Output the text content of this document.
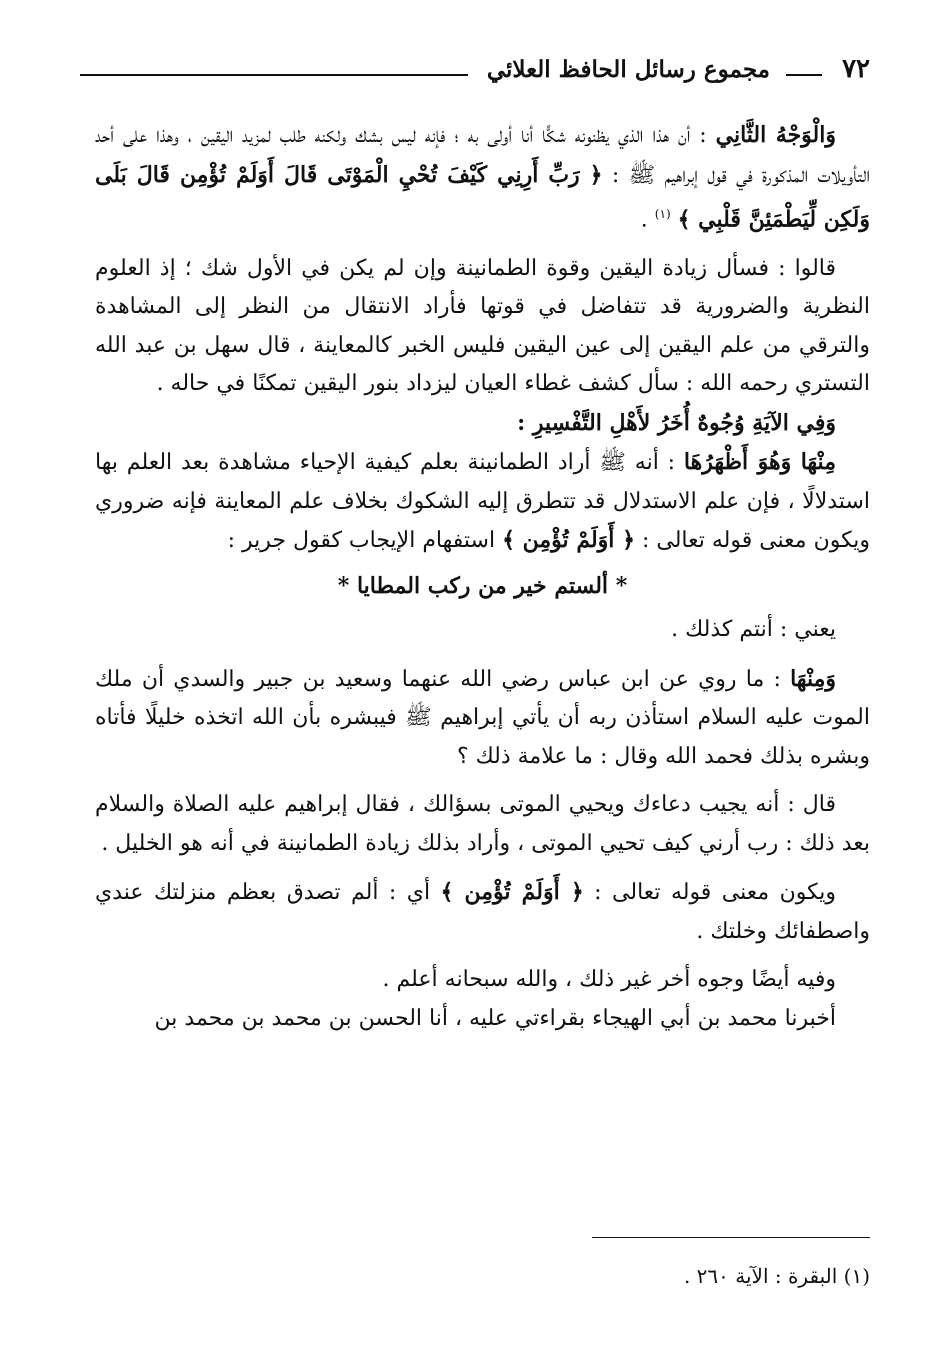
٧٢
مجموع رسائل الحافظ العلائي

وَالْوَجْهُ الثَّانِي : أن هذا الذي يظنونه شكًّا أنا أولى به ؛ فإنه ليس بشك ولكنه طلب لمزيد اليقين ، وهذا على أحد التأويلات المذكورة في قول إبراهيم ﷺ : ﴿ رَبِّ أَرِنِي كَيْفَ تُحْيِ الْمَوْتَى قَالَ أَوَلَمْ تُؤْمِن قَالَ بَلَى وَلَكِن لِّيَطْمَئِنَّ قَلْبِي ﴾ $^{(١)}$ .

قالوا : فسأل زيادة اليقين وقوة الطمانينة وإن لم يكن في الأول شك ؛ إذ العلوم النظرية والضرورية قد تتفاضل في قوتها فأراد الانتقال من النظر إلى المشاهدة والترقي من علم اليقين إلى عين اليقين فليس الخبر كالمعاينة ، قال سهل بن عبد الله التستري رحمه الله : سأل كشف غطاء العيان ليزداد بنور اليقين تمكنًا في حاله .

وَفِي الآيَةِ وُجُوهٌ أُخَرُ لأَهْلِ التَّفْسِيرِ :

مِنْهَا وَهُوَ أَظْهَرُهَا : أنه ﷺ أراد الطمانينة بعلم كيفية الإحياء مشاهدة بعد العلم بها استدلالًا ، فإن علم الاستدلال قد تتطرق إليه الشكوك بخلاف علم المعاينة فإنه ضروري ويكون معنى قوله تعالى : ﴿ أَوَلَمْ تُؤْمِن ﴾ استفهام الإيجاب كقول جرير :

* ألستم خير من ركب المطايا *

يعني : أنتم كذلك .

وَمِنْهَا : ما روي عن ابن عباس رضي الله عنهما وسعيد بن جبير والسدي أن ملك الموت عليه السلام استأذن ربه أن يأتي إبراهيم ﷺ فيبشره بأن الله اتخذه خليلًا فأتاه وبشره بذلك فحمد الله وقال : ما علامة ذلك ؟

قال : أنه يجيب دعاءك ويحيي الموتى بسؤالك ، فقال إبراهيم عليه الصلاة والسلام بعد ذلك : رب أرني كيف تحيي الموتى ، وأراد بذلك زيادة الطمانينة في أنه هو الخليل .

ويكون معنى قوله تعالى : ﴿ أَوَلَمْ تُؤْمِن ﴾ أي : ألم تصدق بعظم منزلتك عندي واصطفائك وخلتك .

وفيه أيضًا وجوه أخر غير ذلك ، والله سبحانه أعلم .

أخبرنا محمد بن أبي الهيجاء بقراءتي عليه ، أنا الحسن بن محمد بن محمد بن

(١) البقرة : الآية ٢٦٠ .
